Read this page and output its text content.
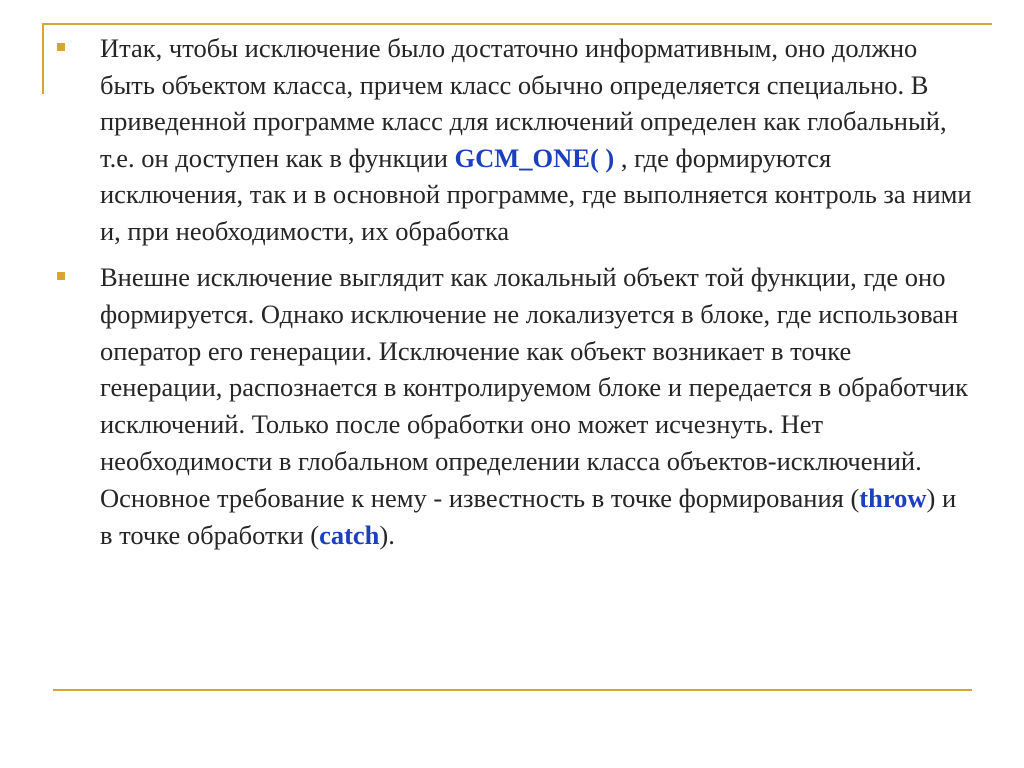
Итак, чтобы исключение было достаточно информативным, оно должно быть объектом класса, причем класс обычно определяется специально. В приведенной программе класс для исключений определен как глобальный, т.е. он доступен как в функции GCM_ONE( ) , где формируются исключения, так и в основной программе, где выполняется контроль за ними и, при необходимости, их обработка
Внешне исключение выглядит как локальный объект той функции, где оно формируется. Однако исключение не локализуется в блоке, где использован оператор его генерации. Исключение как объект возникает в точке генерации, распознается в контролируемом блоке и передается в обработчик исключений. Только после обработки оно может исчезнуть. Нет необходимости в глобальном определении класса объектов-исключений. Основное требование к нему - известность в точке формирования (throw) и в точке обработки (catch).
